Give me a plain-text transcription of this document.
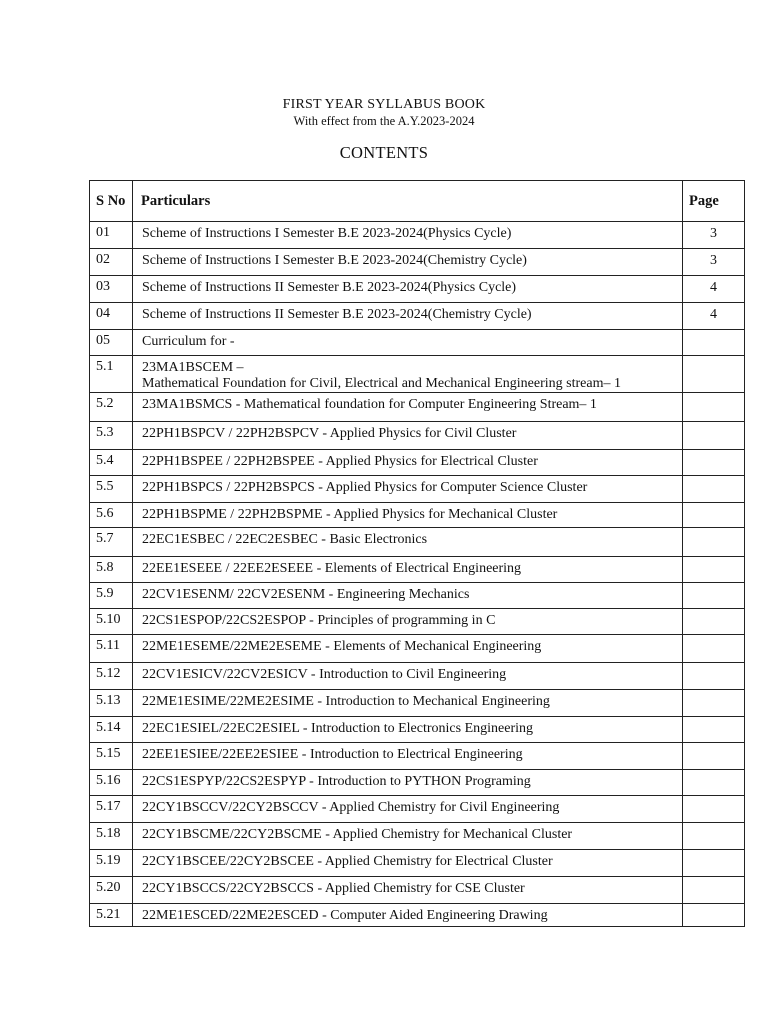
FIRST YEAR SYLLABUS BOOK
With effect from the A.Y.2023-2024
CONTENTS
S No	Particulars	Page
01	Scheme of Instructions I Semester B.E 2023-2024(Physics Cycle)	3
02	Scheme of Instructions I Semester B.E 2023-2024(Chemistry Cycle)	3
03	Scheme of Instructions II Semester B.E 2023-2024(Physics Cycle)	4
04	Scheme of Instructions II Semester B.E 2023-2024(Chemistry Cycle)	4
05	Curriculum for -	

5.1	23MA1BSCEM –
Mathematical Foundation for Civil, Electrical and Mechanical Engineering stream– 1	

5.2	23MA1BSMCS - Mathematical foundation for Computer Engineering Stream– 1	

5.3	22PH1BSPCV / 22PH2BSPCV - Applied Physics for Civil Cluster	

5.4	22PH1BSPEE / 22PH2BSPEE - Applied Physics for Electrical Cluster	

5.5	22PH1BSPCS / 22PH2BSPCS - Applied Physics for Computer Science Cluster	

5.6	22PH1BSPME / 22PH2BSPME - Applied Physics for Mechanical Cluster	

5.7	22EC1ESBEC / 22EC2ESBEC - Basic Electronics	

5.8	22EE1ESEEE / 22EE2ESEEE - Elements of Electrical Engineering	

5.9	22CV1ESENM/ 22CV2ESENM - Engineering Mechanics	

5.10	22CS1ESPOP/22CS2ESPOP - Principles of programming in C	

5.11	22ME1ESEME/22ME2ESEME - Elements of Mechanical Engineering	

5.12	22CV1ESICV/22CV2ESICV - Introduction to Civil Engineering	

5.13	22ME1ESIME/22ME2ESIME - Introduction to Mechanical Engineering	

5.14	22EC1ESIEL/22EC2ESIEL - Introduction to Electronics Engineering	

5.15	22EE1ESIEE/22EE2ESIEE - Introduction to Electrical Engineering	

5.16	22CS1ESPYP/22CS2ESPYP - Introduction to PYTHON Programing	

5.17	22CY1BSCCV/22CY2BSCCV - Applied Chemistry for Civil Engineering	

5.18	22CY1BSCME/22CY2BSCME - Applied Chemistry for Mechanical Cluster	

5.19	22CY1BSCEE/22CY2BSCEE - Applied Chemistry for Electrical Cluster	

5.20	22CY1BSCCS/22CY2BSCCS - Applied Chemistry for CSE Cluster	

5.21	22ME1ESCED/22ME2ESCED - Computer Aided Engineering Drawing	
